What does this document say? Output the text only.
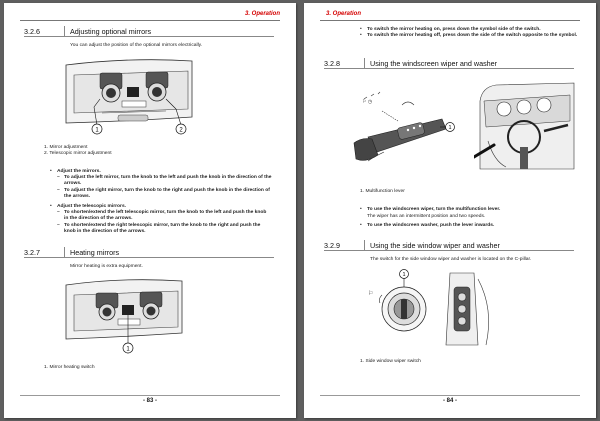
3. Operation
3.2.6	Adjusting optional mirrors
You can adjust the position of the optional mirrors electrically.
1	2
1. Mirror adjustment
2. Telescopic mirror adjustment
• Adjust the mirrors.
– To adjust the left mirror, turn the knob to the left and push the knob in the direction of the arrows.
– To adjust the right mirror, turn the knob to the right and push the knob in the direction of the arrows.
• Adjust the telescopic mirrors.
– To shorten/extend the left telescopic mirror, turn the knob to the left and push the knob in the direction of the arrows.
– To shorten/extend the right telescopic mirror, turn the knob to the right and push the knob in the direction of the arrows.
3.2.7	Heating mirrors
Mirror heating is extra equipment.
1
1. Mirror heating switch
- 83 -
3. Operation
• To switch the mirror heating on, press down the symbol side of the switch.
• To switch the mirror heating off, press down the side of the switch opposite to the symbol.
3.2.8	Using the windscreen wiper and washer
⚐ ◷
1
1. Multifunction lever
• To use the windscreen wiper, turn the multifunction lever.
The wiper has an intermittent position and two speeds.
• To use the windscreen washer, push the lever inwards.
3.2.9	Using the side window wiper and washer
The switch for the side window wiper and washer is located on the C-pillar.
⚐
1
1. Side window wiper switch
- 84 -
